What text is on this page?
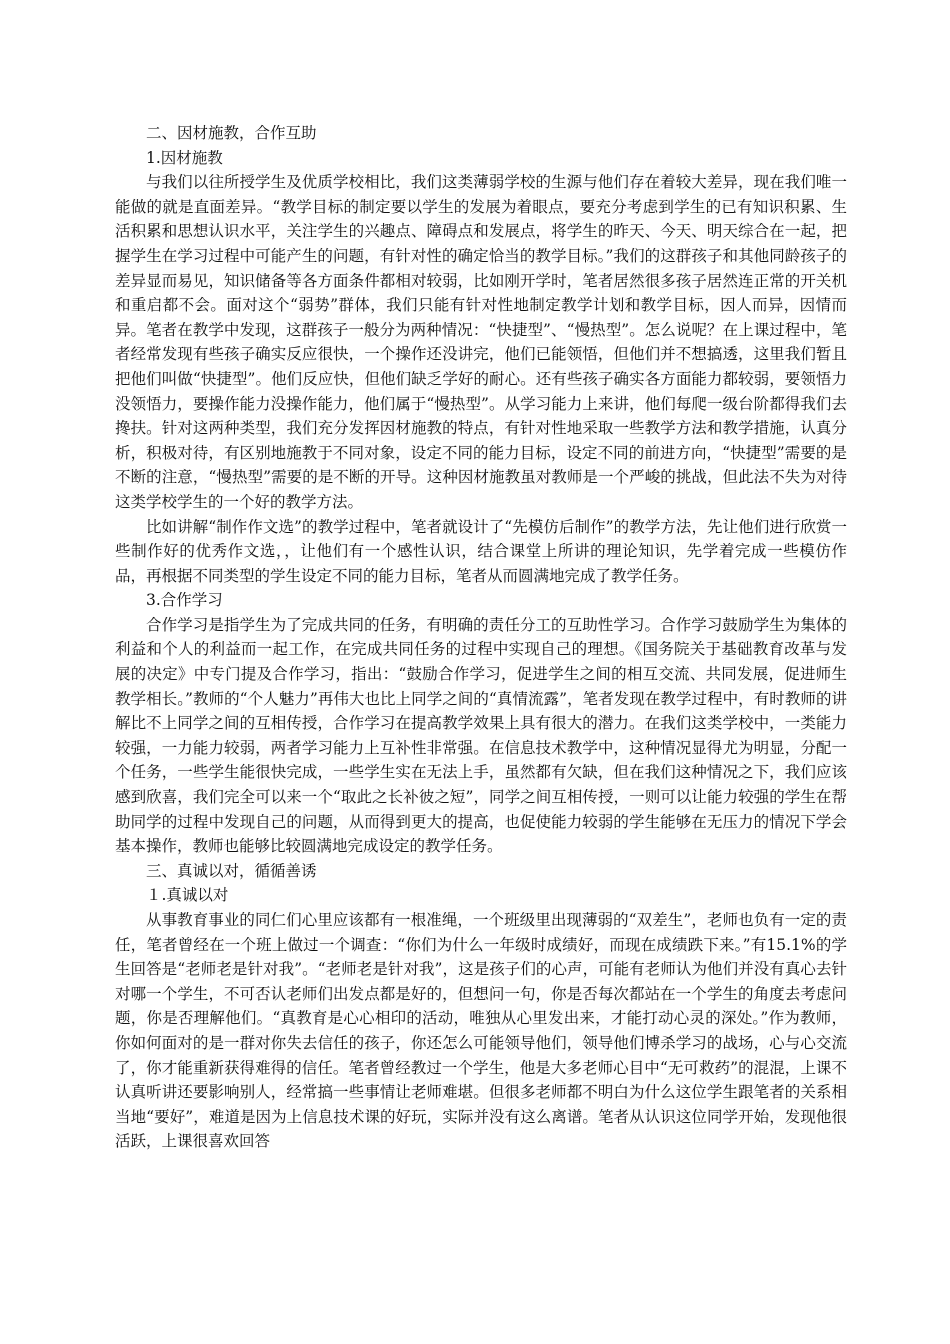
二、因材施教，合作互助

1.因材施教

与我们以往所授学生及优质学校相比，我们这类薄弱学校的生源与他们存在着较大差异，现在我们唯一能做的就是直面差异。“教学目标的制定要以学生的发展为着眼点，要充分考虑到学生的已有知识积累、生活积累和思想认识水平，关注学生的兴趣点、障碍点和发展点，将学生的昨天、今天、明天综合在一起，把握学生在学习过程中可能产生的问题，有针对性的确定恰当的教学目标。”我们的这群孩子和其他同龄孩子的差异显而易见，知识储备等各方面条件都相对较弱，比如刚开学时，笔者居然很多孩子居然连正常的开关机和重启都不会。面对这个“弱势”群体，我们只能有针对性地制定教学计划和教学目标，因人而异，因情而异。笔者在教学中发现，这群孩子一般分为两种情况：“快捷型”、“慢热型”。怎么说呢？在上课过程中，笔者经常发现有些孩子确实反应很快，一个操作还没讲完，他们已能领悟，但他们并不想搞透，这里我们暂且把他们叫做“快捷型”。他们反应快，但他们缺乏学好的耐心。还有些孩子确实各方面能力都较弱，要领悟力没领悟力，要操作能力没操作能力，他们属于“慢热型”。从学习能力上来讲，他们每爬一级台阶都得我们去搀扶。针对这两种类型，我们充分发挥因材施教的特点，有针对性地采取一些教学方法和教学措施，认真分析，积极对待，有区别地施教于不同对象，设定不同的能力目标，设定不同的前进方向，“快捷型”需要的是不断的注意，“慢热型”需要的是不断的开导。这种因材施教虽对教师是一个严峻的挑战，但此法不失为对待这类学校学生的一个好的教学方法。

比如讲解“制作作文选”的教学过程中，笔者就设计了“先模仿后制作”的教学方法，先让他们进行欣赏一些制作好的优秀作文选，，让他们有一个感性认识，结合课堂上所讲的理论知识，先学着完成一些模仿作品，再根据不同类型的学生设定不同的能力目标，笔者从而圆满地完成了教学任务。

3.合作学习

合作学习是指学生为了完成共同的任务，有明确的责任分工的互助性学习。合作学习鼓励学生为集体的利益和个人的利益而一起工作，在完成共同任务的过程中实现自己的理想。《国务院关于基础教育改革与发展的决定》中专门提及合作学习，指出：“鼓励合作学习，促进学生之间的相互交流、共同发展，促进师生教学相长。”教师的“个人魅力”再伟大也比上同学之间的“真情流露”，笔者发现在教学过程中，有时教师的讲解比不上同学之间的互相传授，合作学习在提高教学效果上具有很大的潜力。在我们这类学校中，一类能力较强，一力能力较弱，两者学习能力上互补性非常强。在信息技术教学中，这种情况显得尤为明显，分配一个任务，一些学生能很快完成，一些学生实在无法上手，虽然都有欠缺，但在我们这种情况之下，我们应该感到欣喜，我们完全可以来一个“取此之长补彼之短”，同学之间互相传授，一则可以让能力较强的学生在帮助同学的过程中发现自己的问题，从而得到更大的提高，也促使能力较弱的学生能够在无压力的情况下学会基本操作，教师也能够比较圆满地完成设定的教学任务。

三、真诚以对，循循善诱

１.真诚以对

从事教育事业的同仁们心里应该都有一根准绳，一个班级里出现薄弱的“双差生”，老师也负有一定的责任，笔者曾经在一个班上做过一个调查：“你们为什么一年级时成绩好，而现在成绩跌下来。”有15.1%的学生回答是“老师老是针对我”。“老师老是针对我”，这是孩子们的心声，可能有老师认为他们并没有真心去针对哪一个学生，不可否认老师们出发点都是好的，但想问一句，你是否每次都站在一个学生的角度去考虑问题，你是否理解他们。“真教育是心心相印的活动，唯独从心里发出来，才能打动心灵的深处。”作为教师，你如何面对的是一群对你失去信任的孩子，你还怎么可能领导他们，领导他们博杀学习的战场，心与心交流了，你才能重新获得难得的信任。笔者曾经教过一个学生，他是大多老师心目中“无可救药”的混混，上课不认真听讲还要影响别人，经常搞一些事情让老师难堪。但很多老师都不明白为什么这位学生跟笔者的关系相当地“要好”，难道是因为上信息技术课的好玩，实际并没有这么离谱。笔者从认识这位同学开始，发现他很活跃，上课很喜欢回答
